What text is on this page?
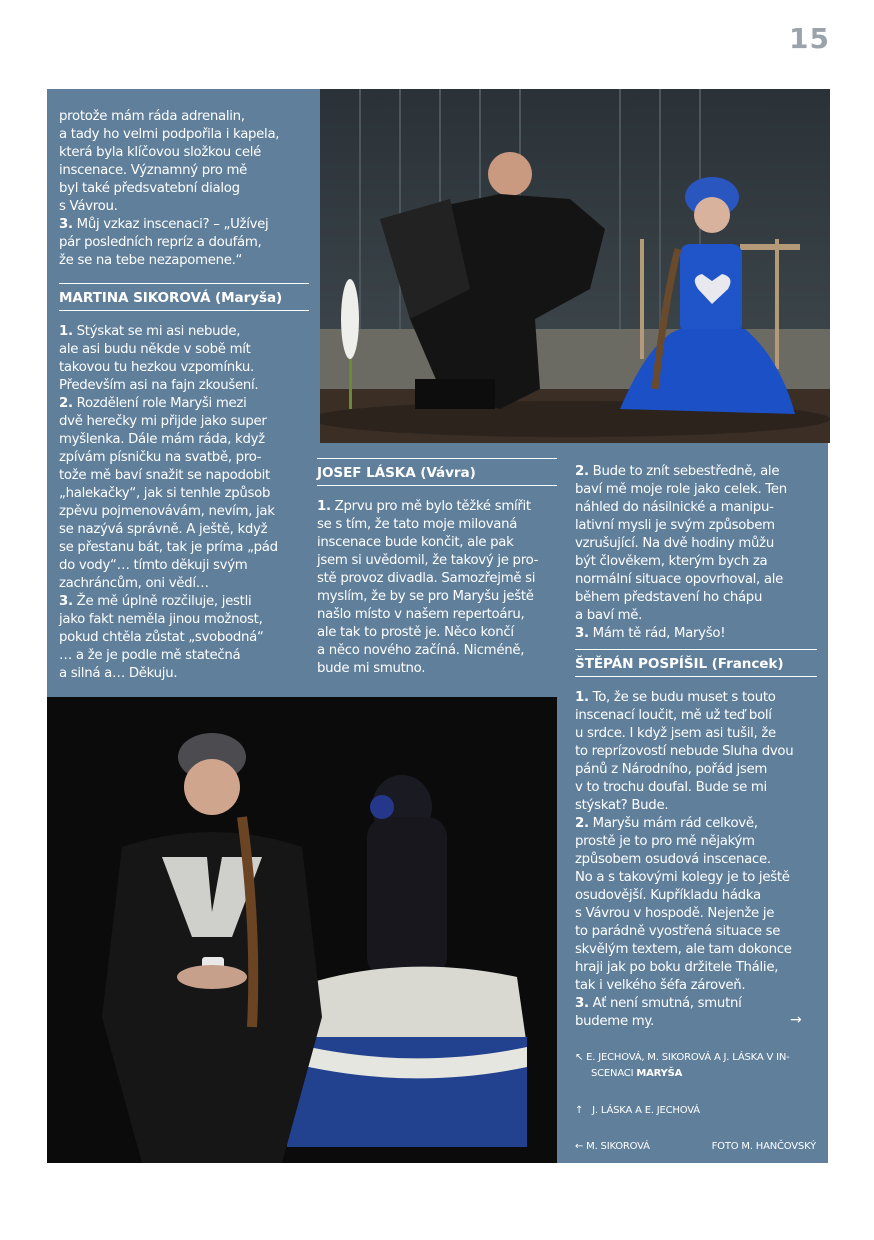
15

protože mám ráda adrenalin,
a tady ho velmi podpořila i kapela,
která byla klíčovou složkou celé
inscenace. Významný pro mě
byl také předsvatební dialog
s Vávrou.
3. Můj vzkaz inscenaci? – „Užívej
pár posledních repríz a doufám,
že se na tebe nezapomene.“

MARTINA SIKOROVÁ (Maryša)

1. Stýskat se mi asi nebude,
ale asi budu někde v sobě mít
takovou tu hezkou vzpomínku.
Především asi na fajn zkoušení.

2. Rozdělení role Maryši mezi
dvě herečky mi přijde jako super
myšlenka. Dále mám ráda, když
zpívám písničku na svatbě, pro-
tože mě baví snažit se napodobit
„halekačky“, jak si tenhle způsob
zpěvu pojmenovávám, nevím, jak
se nazývá správně. A ještě, když
se přestanu bát, tak je príma „pád
do vody“… tímto děkuji svým
zachráncům, oni vědí…

3. Že mě úplně rozčiluje, jestli
jako fakt neměla jinou možnost,
pokud chtěla zůstat „svobodná“
… a že je podle mě statečná
a silná a… Děkuju.

JOSEF LÁSKA (Vávra)

1. Zprvu pro mě bylo těžké smířit
se s tím, že tato moje milovaná
inscenace bude končit, ale pak
jsem si uvědomil, že takový je pro-
stě provoz divadla. Samozřejmě si
myslím, že by se pro Maryšu ještě
našlo místo v našem repertoáru,
ale tak to prostě je. Něco končí
a něco nového začíná. Nicméně,
bude mi smutno.

2. Bude to znít sebestředně, ale
baví mě moje role jako celek. Ten
náhled do násilnické a manipu-
lativní mysli je svým způsobem
vzrušující. Na dvě hodiny můžu
být člověkem, kterým bych za
normální situace opovrhoval, ale
během představení ho chápu
a baví mě.

3. Mám tě rád, Maryšo!

ŠTĚPÁN POSPÍŠIL (Francek)

1. To, že se budu muset s touto
inscenací loučit, mě už teď bolí
u srdce. I když jsem asi tušil, že
to reprízovostí nebude Sluha dvou
pánů z Národního, pořád jsem
v to trochu doufal. Bude se mi
stýskat? Bude.

2. Maryšu mám rád celkově,
prostě je to pro mě nějakým
způsobem osudová inscenace.
No a s takovými kolegy je to ještě
osudovější. Kupříkladu hádka
s Vávrou v hospodě. Nejenže je
to parádně vyostřená situace se
skvělým textem, ale tam dokonce
hraji jak po boku držitele Thálie,
tak i velkého šéfa zároveň.

3. Ať není smutná, smutní
budeme my.	→
↖ E. JECHOVÁ, M. SIKOROVÁ A J. LÁSKA V IN-
SCENACI MARYŠA
↑ J. LÁSKA A E. JECHOVÁ
← M. SIKOROVÁ	FOTO M. HANČOVSKÝ
